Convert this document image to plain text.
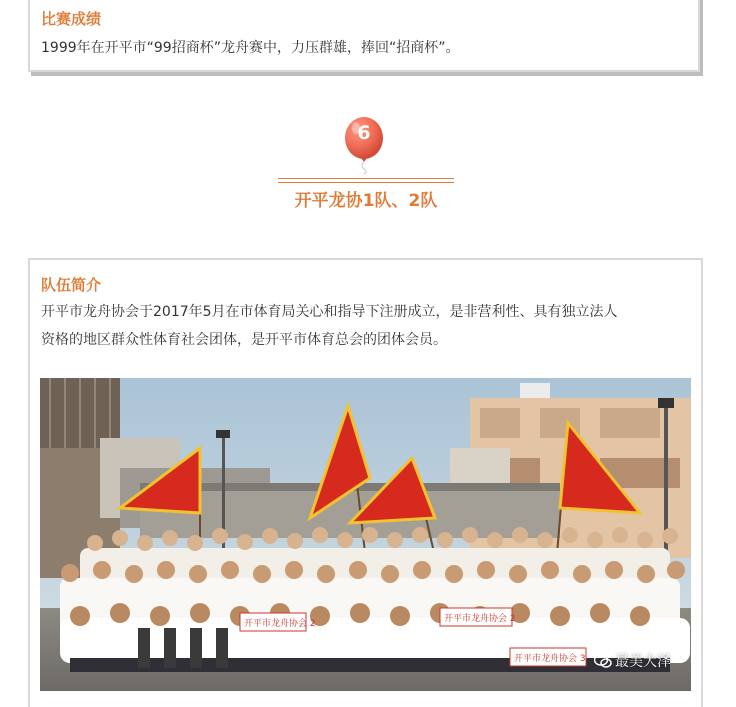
比赛成绩
1999年在开平市“99招商杯”龙舟赛中，力压群雄，捧回“招商杯”。
6
开平龙协1队、2队
队伍简介
开平市龙舟协会于2017年5月在市体育局关心和指导下注册成立，是非营利性、具有独立法人
资格的地区群众性体育社会团体，是开平市体育总会的团体会员。
开平市龙舟协会 2	开平市龙舟协会 2
开平市龙舟协会 3	最美大泽
